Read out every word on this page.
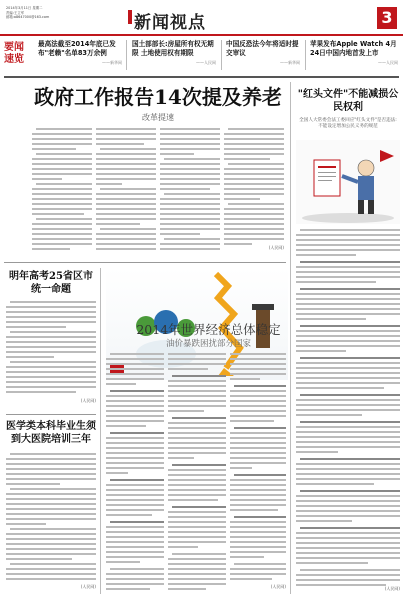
2014年3月11日 星期二
责编:王立军
邮箱:a8647000@163.com	新闻视点	3
要闻速览
最高法截至2014年底已发布"老赖"名单83万余例
——新华网
国土部部长:房屋所有权无期限 土地使用权有期限
——人民网
中国反恐法今年将适时提交审议
——新华网
苹果发布Apple Watch 4月24日中国内地首发上市
——人民网
政府工作报告14次提及养老
改革提速
(人民网)
"红头文件"不能减损公民权利
全国人大常委会法工委回应"红头文件"是否违法:不能设定增加公民义务的规范
(人民网)
明年高考25省区市统一命题
(人民网)
医学类本科毕业生须到大医院培训三年
(人民网)
2014年世界经济总体稳定
油价暴跌困扰部分国家
(人民网)
